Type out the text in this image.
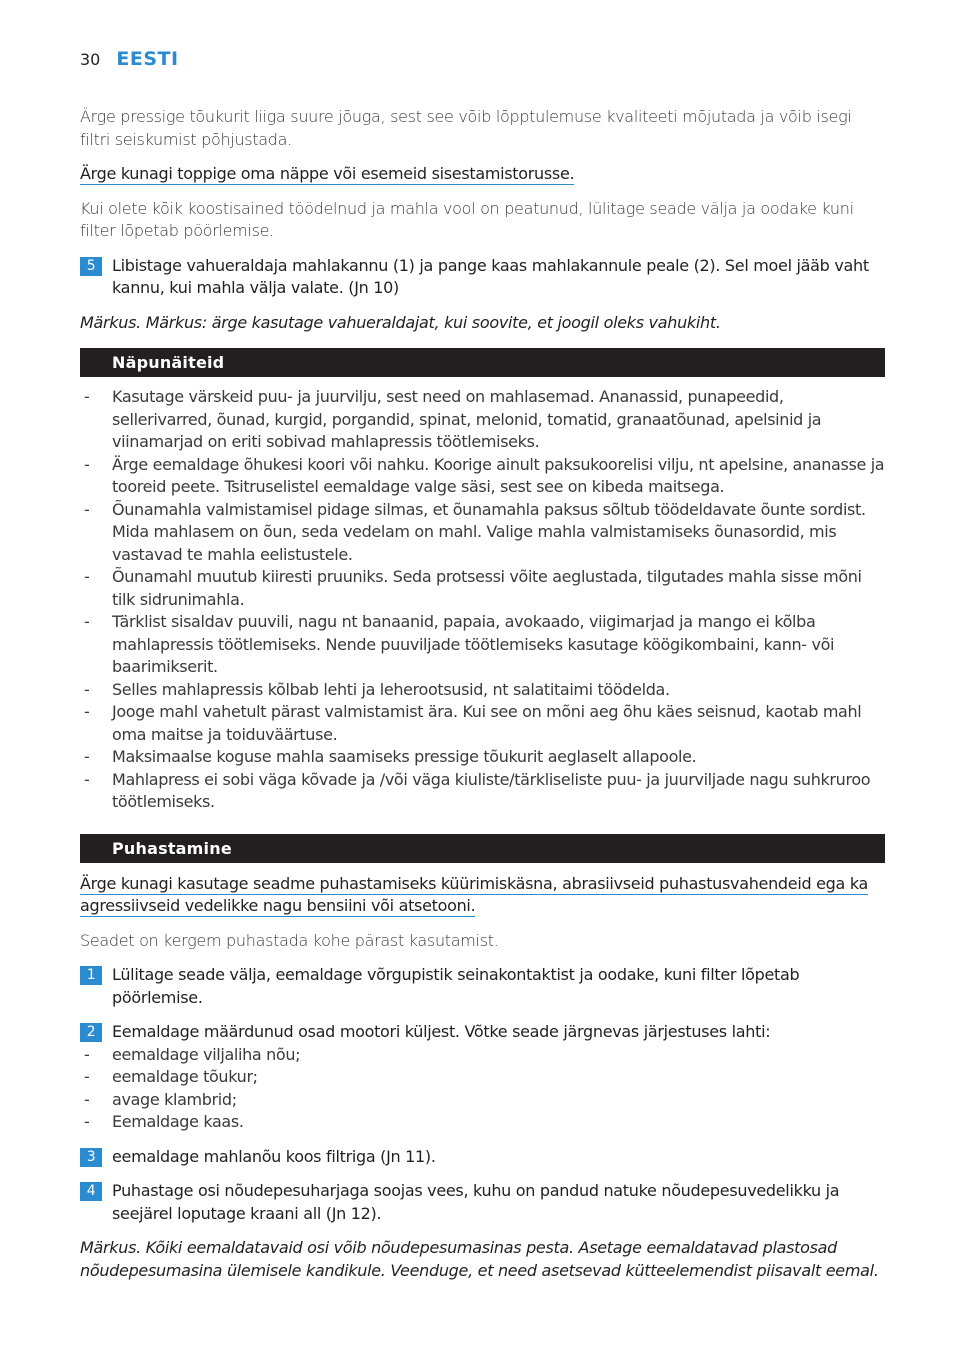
30 EESTI

Ärge pressige tõukurit liiga suure jõuga, sest see võib lõpptulemuse kvaliteeti mõjutada ja võib isegi filtri seiskumist põhjustada.

Ärge kunagi toppige oma näppe või esemeid sisestamistorusse.

Kui olete kõik koostisained töödelnud ja mahla vool on peatunud, lülitage seade välja ja oodake kuni filter lõpetab pöörlemise.

5	Libistage vahueraldaja mahlakannu (1) ja pange kaas mahlakannule peale (2). Sel moel jääb vaht kannu, kui mahla välja valate. (Jn 10)

Märkus. Märkus: ärge kasutage vahueraldajat, kui soovite, et joogil oleks vahukiht.

Näpunäiteid
- Kasutage värskeid puu- ja juurvilju, sest need on mahlasemad. Ananassid, punapeedid, sellerivarred, õunad, kurgid, porgandid, spinat, melonid, tomatid, granaatõunad, apelsinid ja viinamarjad on eriti sobivad mahlapressis töötlemiseks.
- Ärge eemaldage õhukesi koori või nahku. Koorige ainult paksukoorelisi vilju, nt apelsine, ananasse ja tooreid peete. Tsitruselistel eemaldage valge säsi, sest see on kibeda maitsega.
- Õunamahla valmistamisel pidage silmas, et õunamahla paksus sõltub töödeldavate õunte sordist. Mida mahlasem on õun, seda vedelam on mahl. Valige mahla valmistamiseks õunasordid, mis vastavad te mahla eelistustele.
- Õunamahl muutub kiiresti pruuniks. Seda protsessi võite aeglustada, tilgutades mahla sisse mõni tilk sidrunimahla.
- Tärklist sisaldav puuvili, nagu nt banaanid, papaia, avokaado, viigimarjad ja mango ei kõlba mahlapressis töötlemiseks. Nende puuviljade töötlemiseks kasutage köögikombaini, kann- või baarimikserit.
- Selles mahlapressis kõlbab lehti ja leherootsusid, nt salatitaimi töödelda.
- Jooge mahl vahetult pärast valmistamist ära. Kui see on mõni aeg õhu käes seisnud, kaotab mahl oma maitse ja toiduväärtuse.
- Maksimaalse koguse mahla saamiseks pressige tõukurit aeglaselt allapoole.
- Mahlapress ei sobi väga kõvade ja /või väga kiuliste/tärkliseliste puu- ja juurviljade nagu suhkruroo töötlemiseks.
Puhastamine
Ärge kunagi kasutage seadme puhastamiseks küürimiskäsna, abrasiivseid puhastusvahendeid ega ka agressiivseid vedelikke nagu bensiini või atsetooni.

Seadet on kergem puhastada kohe pärast kasutamist.

1	Lülitage seade välja, eemaldage võrgupistik seinakontaktist ja oodake, kuni filter lõpetab pöörlemise.
2	Eemaldage määrdunud osad mootori küljest. Võtke seade järgnevas järjestuses lahti:
- eemaldage viljaliha nõu;
- eemaldage tõukur;
- avage klambrid;
- Eemaldage kaas.
3	eemaldage mahlanõu koos filtriga (Jn 11).
4	Puhastage osi nõudepesuharjaga soojas vees, kuhu on pandud natuke nõudepesuvedelikku ja seejärel loputage kraani all (Jn 12).

Märkus. Kõiki eemaldatavaid osi võib nõudepesumasinas pesta. Asetage eemaldatavad plastosad nõudepesumasina ülemisele kandikule. Veenduge, et need asetsevad kütteelemendist piisavalt eemal.
